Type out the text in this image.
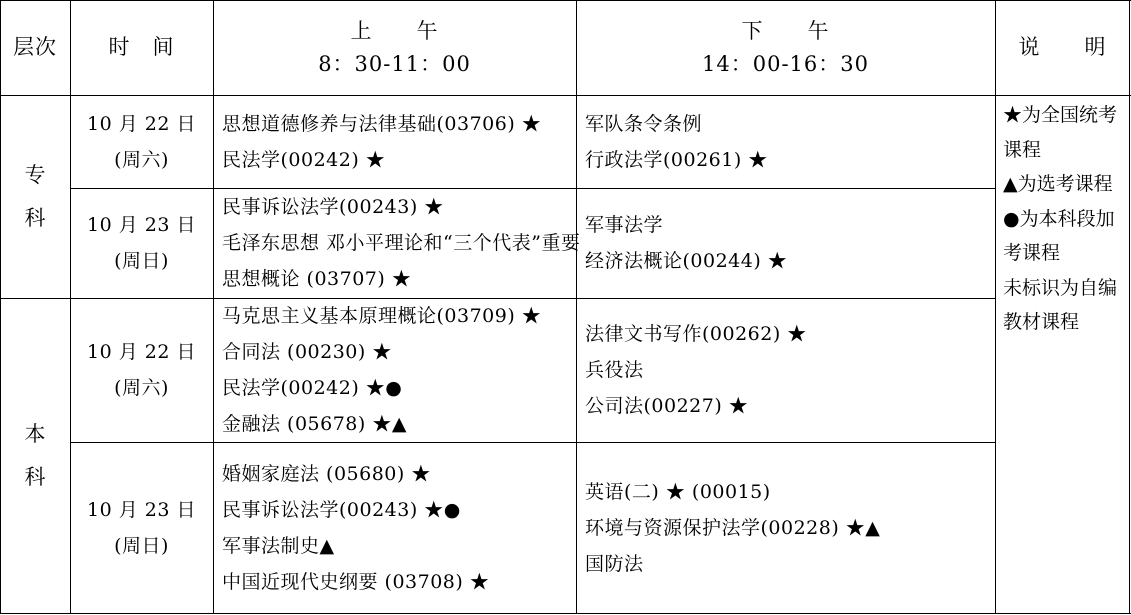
层次 时　间
上　　午
8：30-11：00
下　　午
14：00-16：30
说　　明
专
科
本
科
10 月 22 日
(周六)
思想道德修养与法律基础(03706) ★
民法学(00242) ★
军队条令条例
行政法学(00261) ★
10 月 23 日
(周日)
民事诉讼法学(00243) ★
毛泽东思想 邓小平理论和“三个代表”重要
思想概论 (03707) ★
军事法学
经济法概论(00244) ★
10 月 22 日
(周六)
马克思主义基本原理概论(03709) ★
合同法 (00230) ★
民法学(00242) ★●
金融法 (05678) ★▲
法律文书写作(00262) ★
兵役法
公司法(00227) ★
10 月 23 日
(周日)
婚姻家庭法 (05680) ★
民事诉讼法学(00243) ★●
军事法制史▲
中国近现代史纲要 (03708) ★
英语(二) ★ (00015)
环境与资源保护法学(00228) ★▲
国防法
★为全国统考课程
▲为选考课程
●为本科段加考课程
未标识为自编教材课程
